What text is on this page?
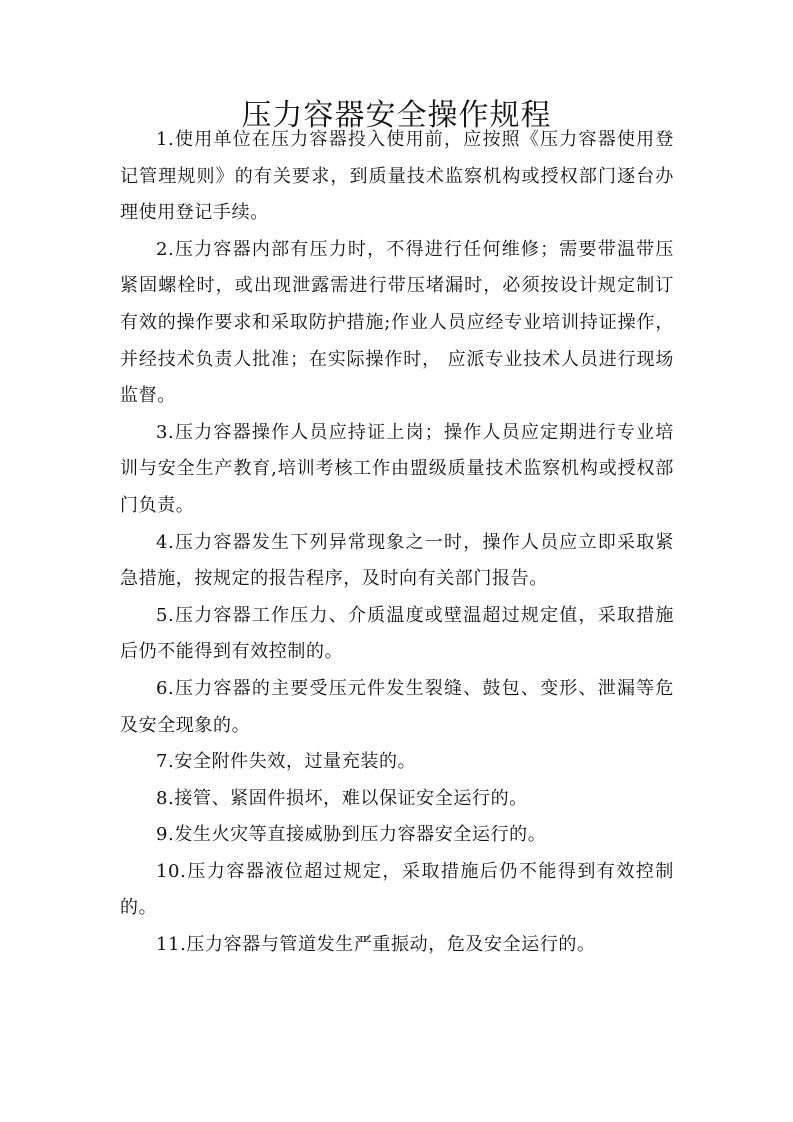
压力容器安全操作规程

1.使用单位在压力容器投入使用前，应按照《压力容器使用登记管理规则》的有关要求，到质量技术监察机构或授权部门逐台办理使用登记手续。

2.压力容器内部有压力时，不得进行任何维修；需要带温带压紧固螺栓时，或出现泄露需进行带压堵漏时，必须按设计规定制订有效的操作要求和采取防护措施;作业人员应经专业培训持证操作，并经技术负责人批准；在实际操作时， 应派专业技术人员进行现场监督。

3.压力容器操作人员应持证上岗；操作人员应定期进行专业培训与安全生产教育,培训考核工作由盟级质量技术监察机构或授权部门负责。

4.压力容器发生下列异常现象之一时，操作人员应立即采取紧急措施，按规定的报告程序，及时向有关部门报告。

5.压力容器工作压力、介质温度或壁温超过规定值，采取措施后仍不能得到有效控制的。

6.压力容器的主要受压元件发生裂缝、鼓包、变形、泄漏等危及安全现象的。

7.安全附件失效，过量充装的。

8.接管、紧固件损坏，难以保证安全运行的。

9.发生火灾等直接威胁到压力容器安全运行的。

10.压力容器液位超过规定，采取措施后仍不能得到有效控制的。

11.压力容器与管道发生严重振动，危及安全运行的。
